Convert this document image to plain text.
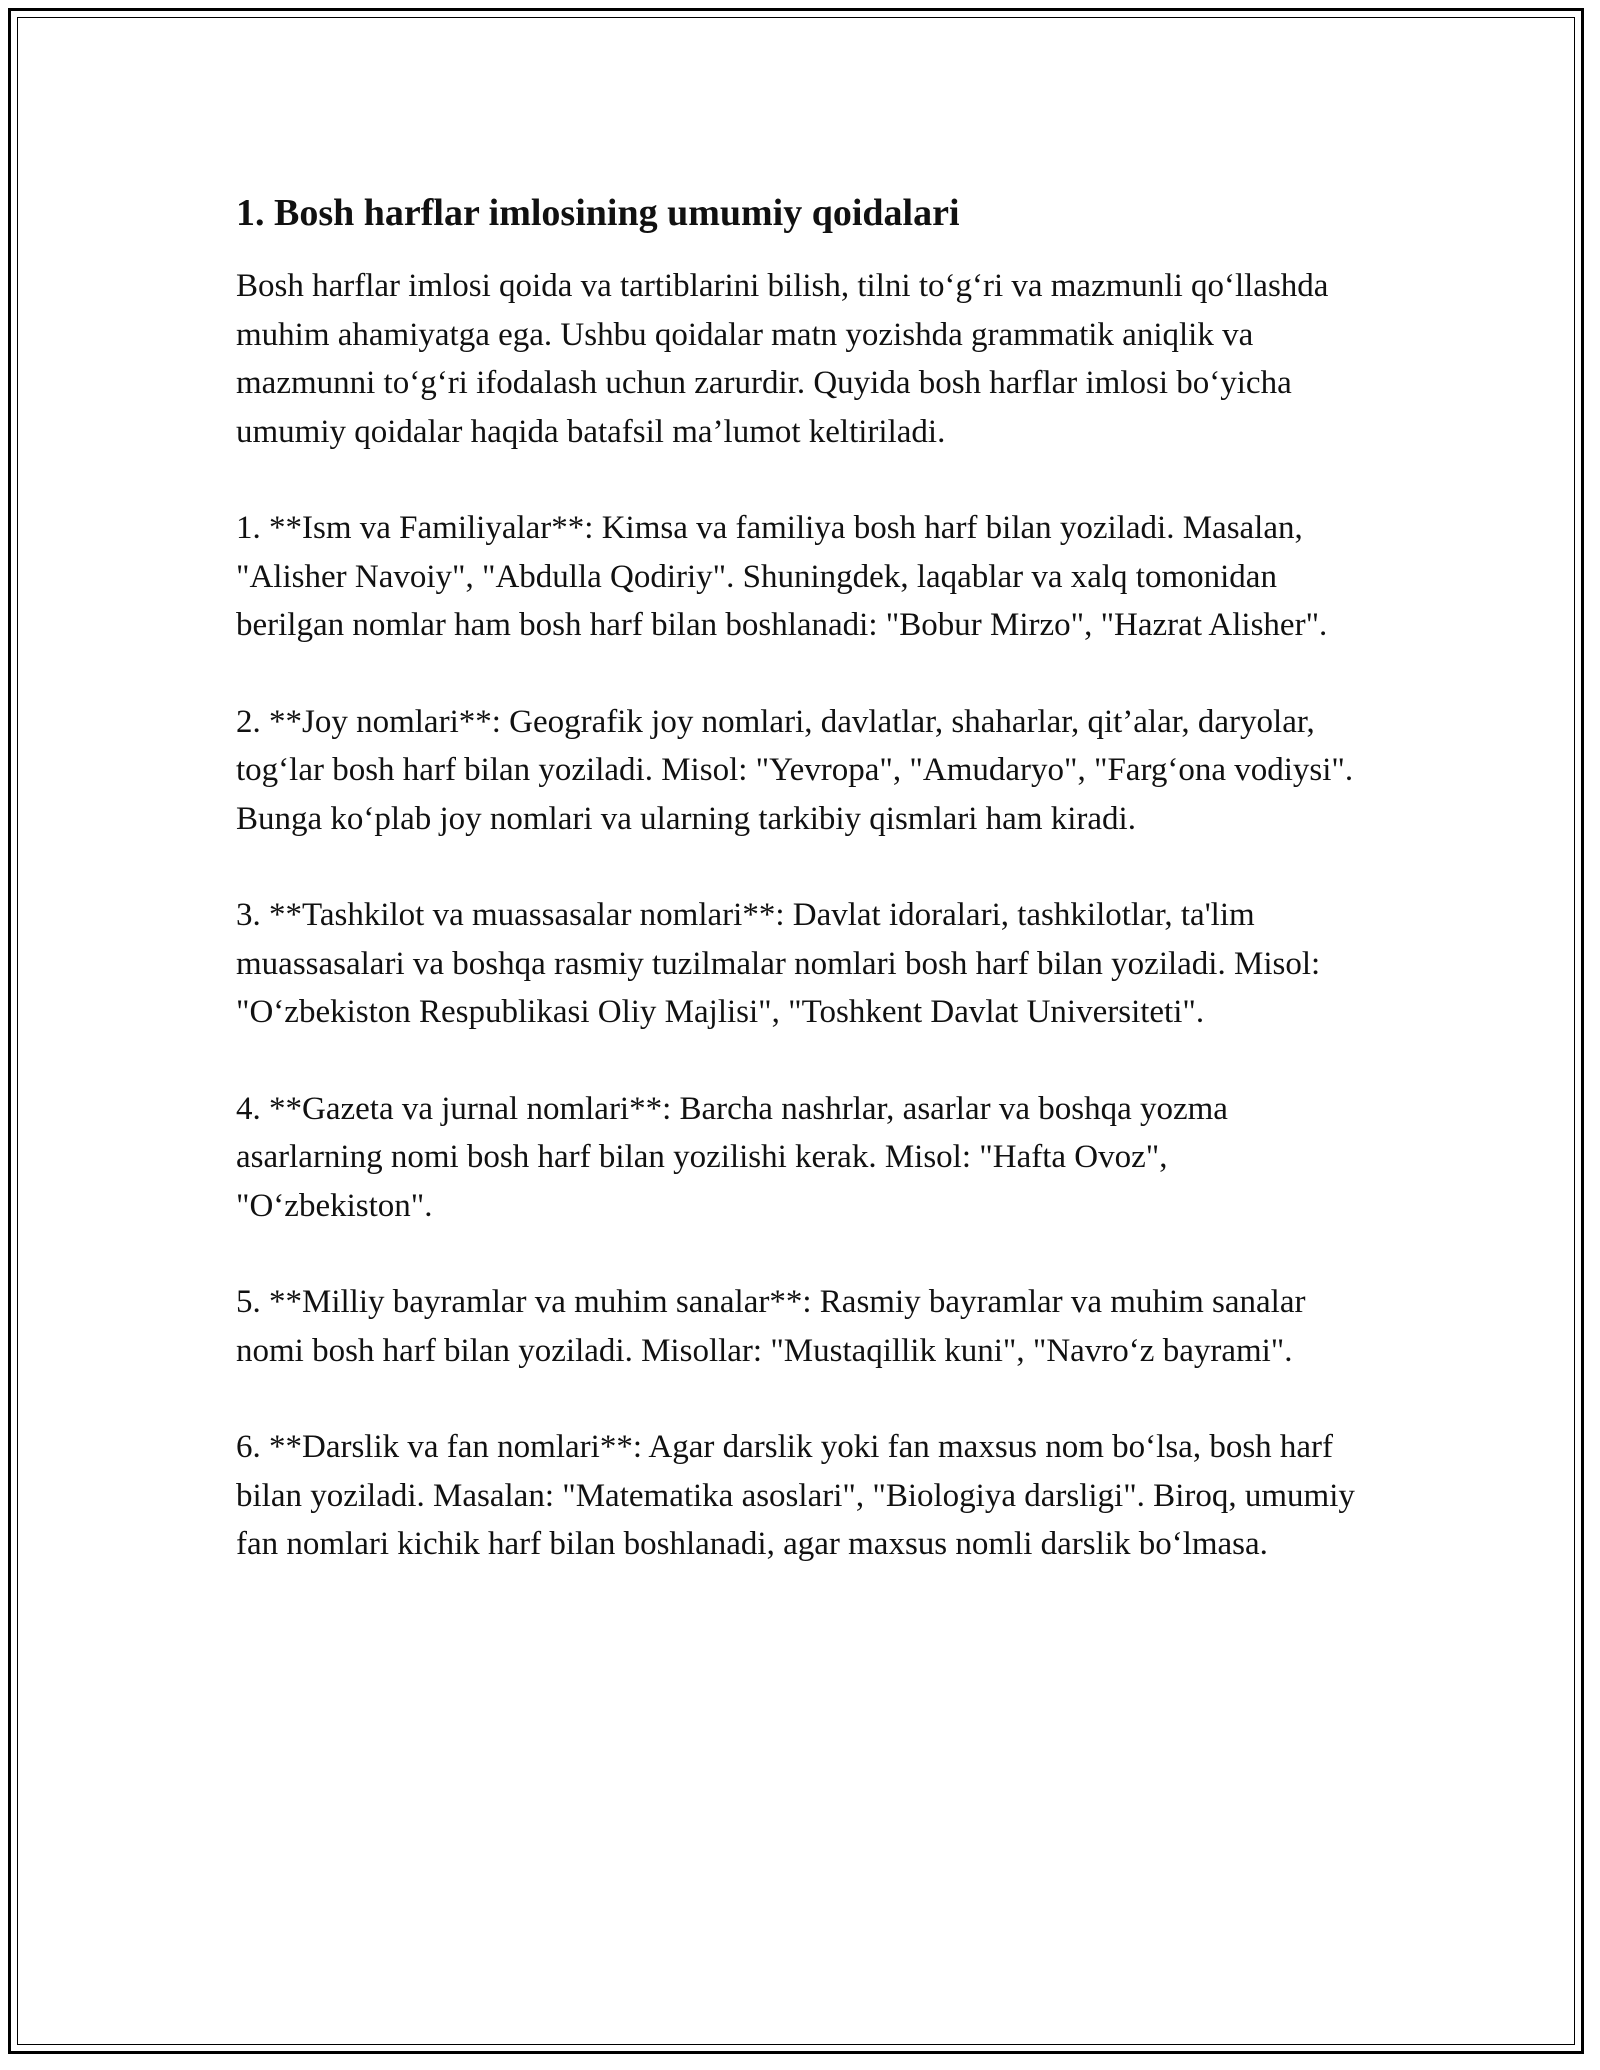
1. Bosh harflar imlosining umumiy qoidalari

Bosh harflar imlosi qoida va tartiblarini bilish, tilni to‘g‘ri va mazmunli qo‘llashda muhim ahamiyatga ega. Ushbu qoidalar matn yozishda grammatik aniqlik va mazmunni to‘g‘ri ifodalash uchun zarurdir. Quyida bosh harflar imlosi bo‘yicha umumiy qoidalar haqida batafsil ma’lumot keltiriladi.

1. **Ism va Familiyalar**: Kimsa va familiya bosh harf bilan yoziladi. Masalan, "Alisher Navoiy", "Abdulla Qodiriy". Shuningdek, laqablar va xalq tomonidan berilgan nomlar ham bosh harf bilan boshlanadi: "Bobur Mirzo", "Hazrat Alisher".

2. **Joy nomlari**: Geografik joy nomlari, davlatlar, shaharlar, qit’alar, daryolar, tog‘lar bosh harf bilan yoziladi. Misol: "Yevropa", "Amudaryo", "Farg‘ona vodiysi". Bunga ko‘plab joy nomlari va ularning tarkibiy qismlari ham kiradi.

3. **Tashkilot va muassasalar nomlari**: Davlat idoralari, tashkilotlar, ta'lim muassasalari va boshqa rasmiy tuzilmalar nomlari bosh harf bilan yoziladi. Misol: "O‘zbekiston Respublikasi Oliy Majlisi", "Toshkent Davlat Universiteti".

4. **Gazeta va jurnal nomlari**: Barcha nashrlar, asarlar va boshqa yozma asarlarning nomi bosh harf bilan yozilishi kerak. Misol: "Hafta Ovoz", "O‘zbekiston".

5. **Milliy bayramlar va muhim sanalar**: Rasmiy bayramlar va muhim sanalar nomi bosh harf bilan yoziladi. Misollar: "Mustaqillik kuni", "Navro‘z bayrami".

6. **Darslik va fan nomlari**: Agar darslik yoki fan maxsus nom bo‘lsa, bosh harf bilan yoziladi. Masalan: "Matematika asoslari", "Biologiya darsligi". Biroq, umumiy fan nomlari kichik harf bilan boshlanadi, agar maxsus nomli darslik bo‘lmasa.
